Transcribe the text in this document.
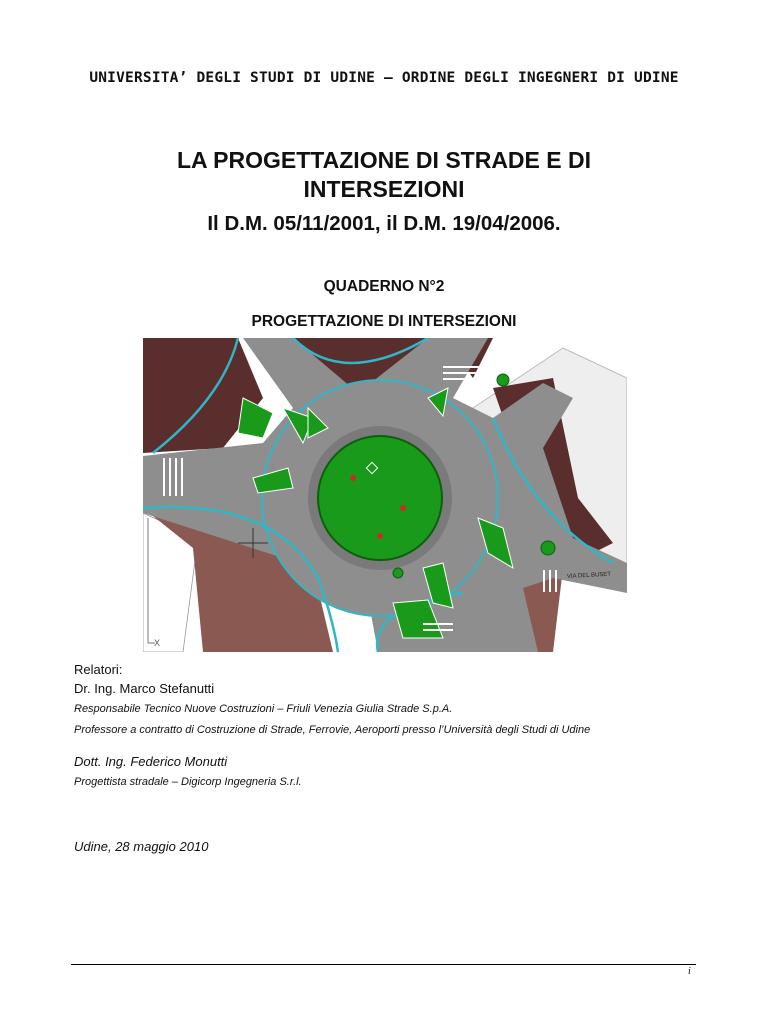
UNIVERSITA’ DEGLI STUDI DI UDINE – ORDINE DEGLI INGEGNERI DI UDINE
LA PROGETTAZIONE DI STRADE E DI
INTERSEZIONI
Il D.M. 05/11/2001, il D.M. 19/04/2006.
QUADERNO N°2
PROGETTAZIONE DI INTERSEZIONI
X
VIA DEL BUSET
Relatori:
Dr. Ing. Marco Stefanutti
Responsabile Tecnico Nuove Costruzioni – Friuli Venezia Giulia Strade S.p.A.
Professore a contratto di Costruzione di Strade, Ferrovie, Aeroporti presso l’Università degli Studi di Udine
Dott. Ing. Federico Monutti
Progettista stradale – Digicorp Ingegneria S.r.l.
Udine, 28 maggio 2010
i
